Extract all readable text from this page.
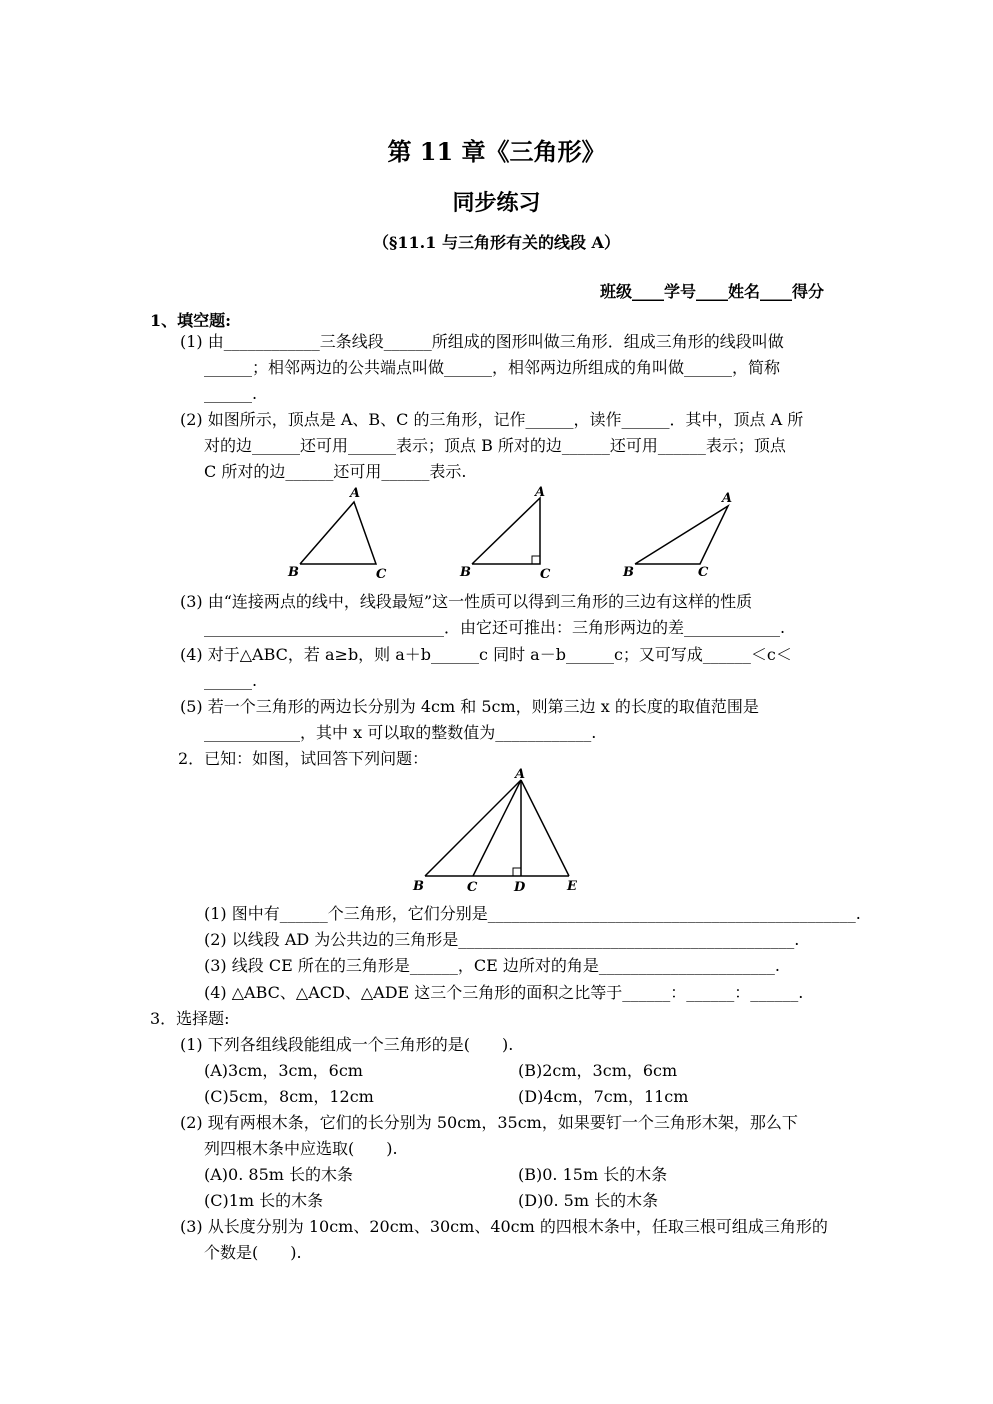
第 11 章《三角形》
同步练习
（§11.1 与三角形有关的线段 A）
班级____学号____姓名____得分
1、填空题:
(1) 由____________三条线段______所组成的图形叫做三角形．组成三角形的线段叫做
______；相邻两边的公共端点叫做______，相邻两边所组成的角叫做______，简称
______.
(2) 如图所示，顶点是 A、B、C 的三角形，记作______，读作______．其中，顶点 A 所
对的边______还可用______表示；顶点 B 所对的边______还可用______表示；顶点
C 所对的边______还可用______表示.
A
B	C
A
B	C
A
B	C
(3) 由“连接两点的线中，线段最短”这一性质可以得到三角形的三边有这样的性质
______________________________．由它还可推出：三角形两边的差____________.
(4) 对于△ABC，若 a≥b，则 a＋b______c 同时 a－b______c；又可写成______＜c＜
______.
(5) 若一个三角形的两边长分别为 4cm 和 5cm，则第三边 x 的长度的取值范围是
____________，其中 x 可以取的整数值为____________.
2．已知：如图，试回答下列问题：
A
B	C	D	E
(1) 图中有______个三角形，它们分别是______________________________________________.
(2) 以线段 AD 为公共边的三角形是__________________________________________.
(3) 线段 CE 所在的三角形是______，CE 边所对的角是______________________.
(4) △ABC、△ACD、△ADE 这三个三角形的面积之比等于______：______：______.
3．选择题:
(1) 下列各组线段能组成一个三角形的是(　　).
(A)3cm，3cm，6cm	(B)2cm，3cm，6cm
(C)5cm，8cm，12cm	(D)4cm，7cm，11cm
(2) 现有两根木条，它们的长分别为 50cm，35cm，如果要钉一个三角形木架，那么下
列四根木条中应选取(　　).
(A)0. 85m 长的木条	(B)0. 15m 长的木条
(C)1m 长的木条	(D)0. 5m 长的木条
(3) 从长度分别为 10cm、20cm、30cm、40cm 的四根木条中，任取三根可组成三角形的
个数是(　　).
